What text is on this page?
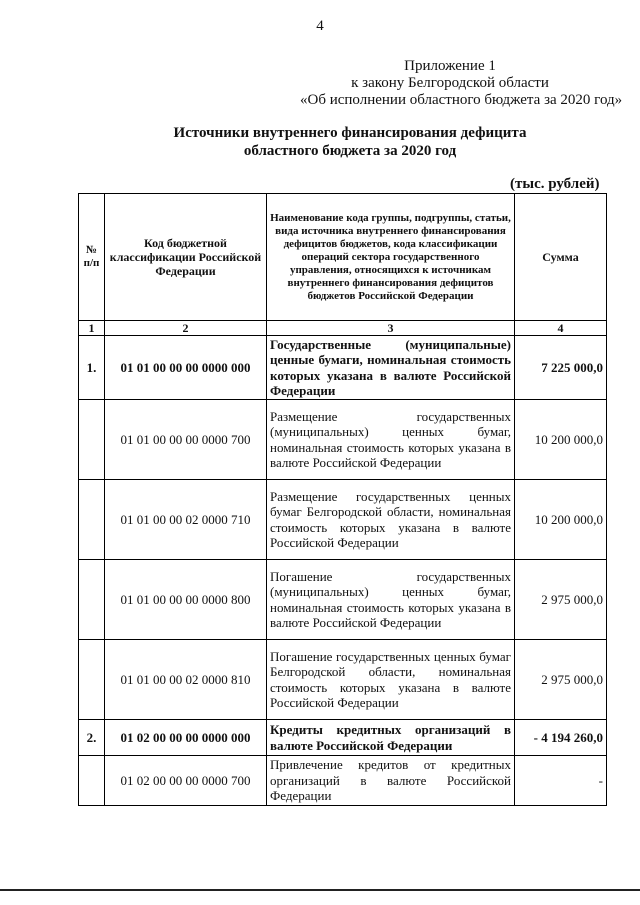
4
Приложение 1
к закону Белгородской области
«Об исполнении областного бюджета за 2020 год»
Источники внутреннего финансирования дефицита
областного бюджета за 2020 год
(тыс. рублей)
№ п/п	Код бюджетной классификации Российской Федерации	Наименование кода группы, подгруппы, статьи, вида источника внутреннего финансирования дефицитов бюджетов, кода классификации операций сектора государственного управления, относящихся к источникам внутреннего финансирования дефицитов бюджетов Российской Федерации	Сумма
1	2	3	4
1.	01 01 00 00 00 0000 000	Государственные (муниципальные) ценные бумаги, номинальная стоимость которых указана в валюте Российской Федерации	7 225 000,0
	01 01 00 00 00 0000 700	Размещение государственных (муниципальных) ценных бумаг, номинальная стоимость которых указана в валюте Российской Федерации	10 200 000,0
	01 01 00 00 02 0000 710	Размещение государственных ценных бумаг Белгородской области, номинальная стоимость которых указана в валюте Российской Федерации	10 200 000,0
	01 01 00 00 00 0000 800	Погашение государственных (муниципальных) ценных бумаг, номинальная стоимость которых указана в валюте Российской Федерации	2 975 000,0
	01 01 00 00 02 0000 810	Погашение государственных ценных бумаг Белгородской области, номинальная стоимость которых указана в валюте Российской Федерации	2 975 000,0
2.	01 02 00 00 00 0000 000	Кредиты кредитных организаций в валюте Российской Федерации	- 4 194 260,0
	01 02 00 00 00 0000 700	Привлечение кредитов от кредитных организаций в валюте Российской Федерации	-
